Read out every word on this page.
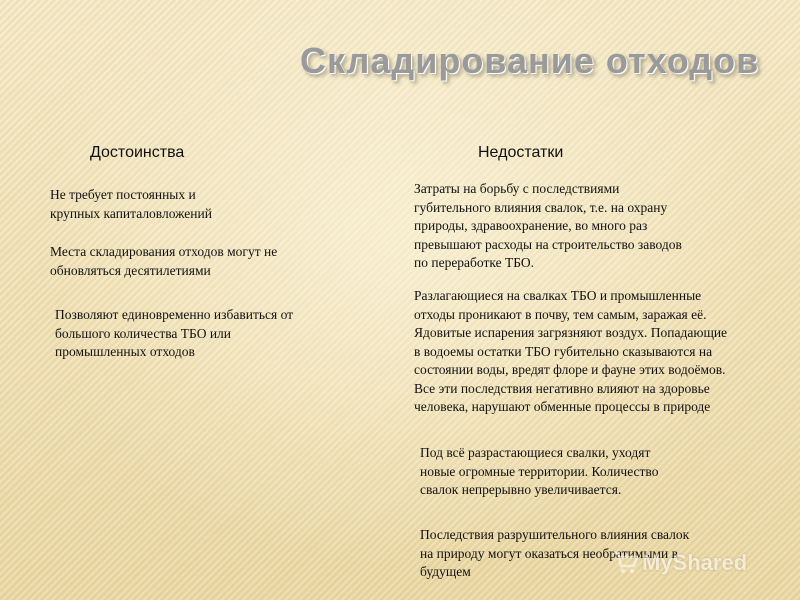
Складирование отходов
Достоинства	Недостатки
Не требует постоянных и
крупных капиталовложений
Места складирования отходов могут не
обновляться десятилетиями
Позволяют единовременно избавиться от
большого количества ТБО или
промышленных отходов
Затраты на борьбу с последствиями
губительного влияния свалок, т.е. на охрану
природы, здравоохранение, во много раз
превышают расходы на строительство заводов
по переработке ТБО.
Разлагающиеся на свалках ТБО и промышленные
отходы проникают в почву, тем самым, заражая её.
Ядовитые испарения загрязняют воздух. Попадающие
в водоемы остатки ТБО губительно сказываются на
состоянии воды, вредят флоре и фауне этих водоёмов.
Все эти последствия негативно влияют на здоровье
человека, нарушают обменные процессы в природе
Под всё разрастающиеся свалки, уходят
новые огромные территории. Количество
свалок непрерывно увеличивается.
Последствия разрушительного влияния свалок
на природу могут оказаться необратимыми в
будущем	MyShared
